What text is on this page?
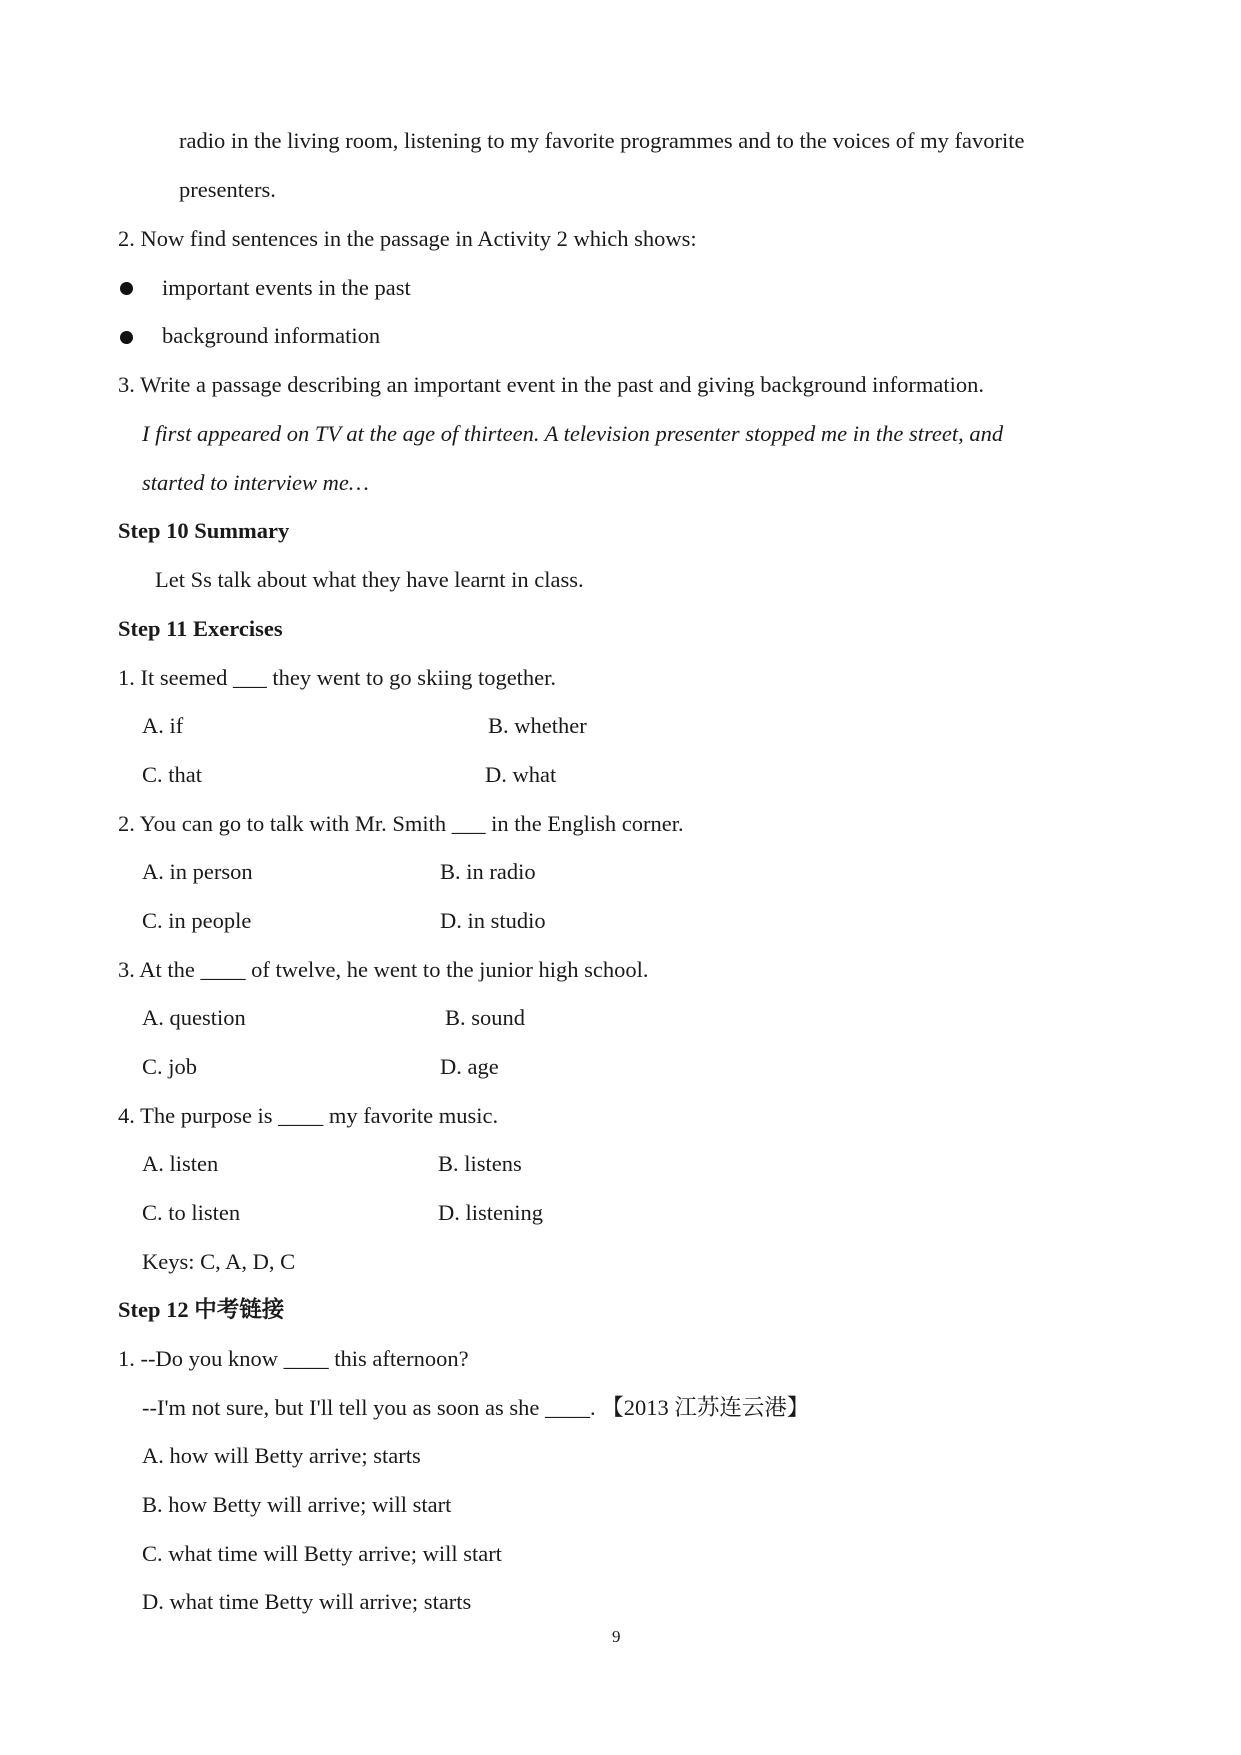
radio in the living room, listening to my favorite programmes and to the voices of my favorite
presenters.
2. Now find sentences in the passage in Activity 2 which shows:
important events in the past
background information
3. Write a passage describing an important event in the past and giving background information.
I first appeared on TV at the age of thirteen. A television presenter stopped me in the street, and
started to interview me…
Step 10 Summary
Let Ss talk about what they have learnt in class.
Step 11 Exercises
1. It seemed ___ they went to go skiing together.
A. if	B. whether
C. that	D. what
2. You can go to talk with Mr. Smith ___ in the English corner.
A. in person	B. in radio
C. in people	D. in studio
3. At the ____ of twelve, he went to the junior high school.
A. question	B. sound
C. job	D. age
4. The purpose is ____ my favorite music.
A. listen	B. listens
C. to listen	D. listening
Keys: C, A, D, C
Step 12 中考链接
1. --Do you know ____ this afternoon?
--I'm not sure, but I'll tell you as soon as she ____. 【2013 江苏连云港】
A. how will Betty arrive; starts
B. how Betty will arrive; will start
C. what time will Betty arrive; will start
D. what time Betty will arrive; starts
9
